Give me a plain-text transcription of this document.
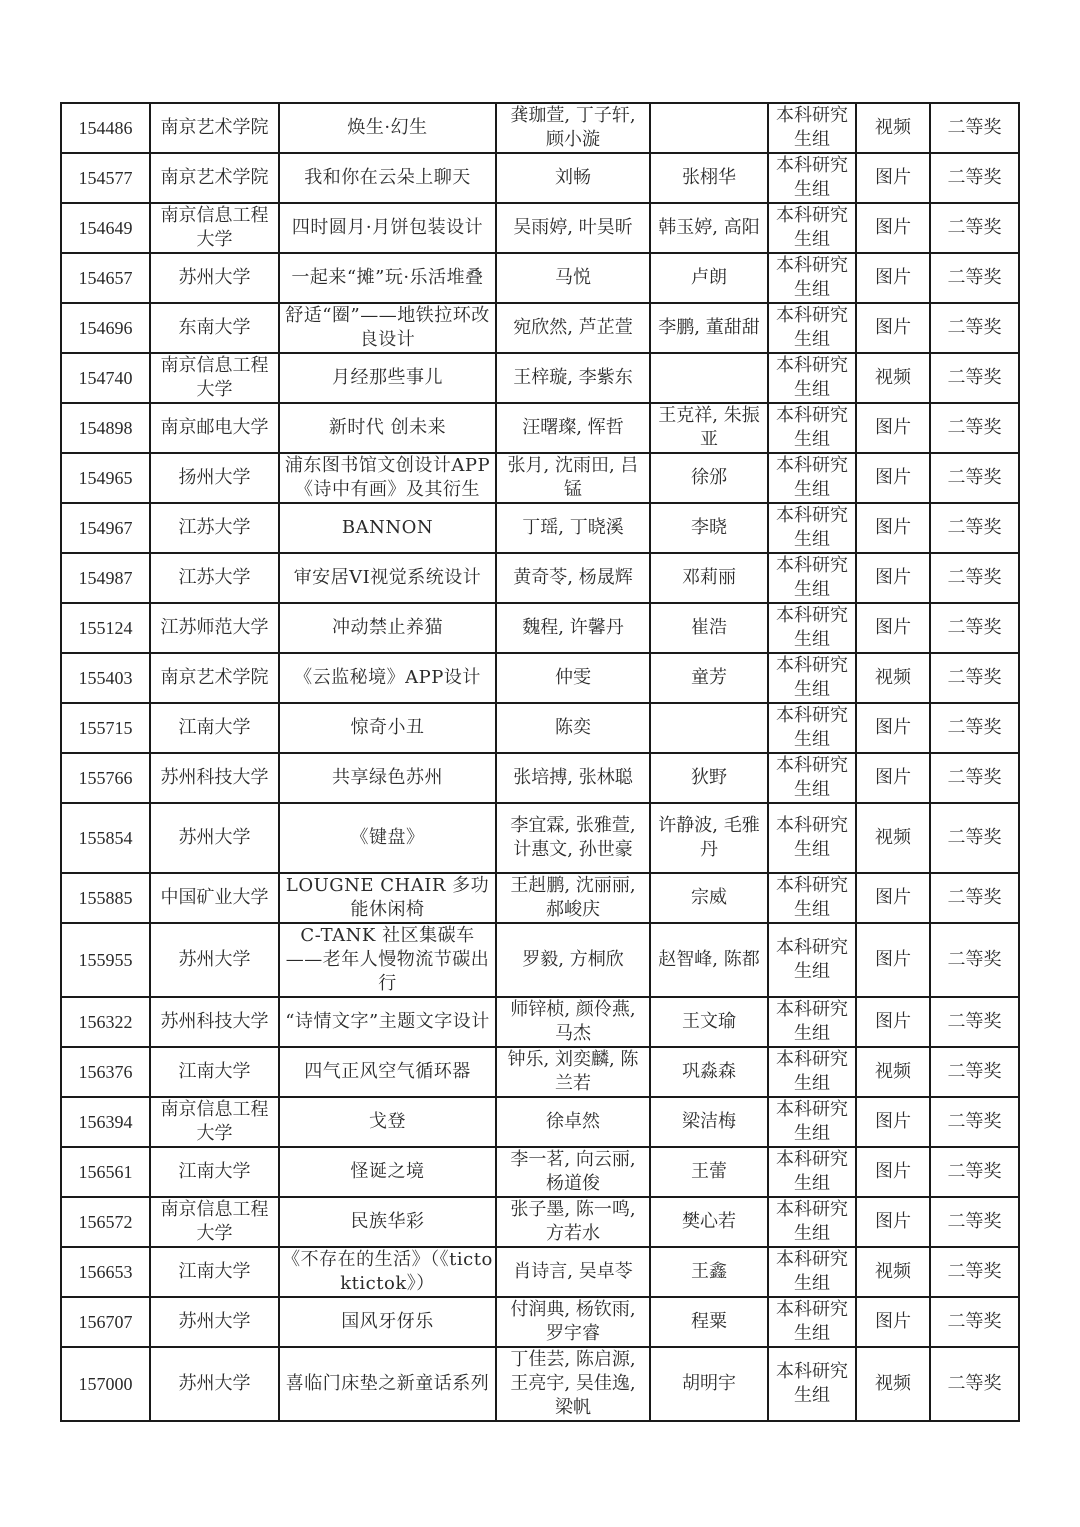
154486	南京艺术学院	焕生·幻生	龚珈萱, 丁子轩, 顾小漩		本科研究生组	视频	二等奖
154577	南京艺术学院	我和你在云朵上聊天	刘畅	张栩华	本科研究生组	图片	二等奖
154649	南京信息工程大学	四时圆月·月饼包装设计	吴雨婷, 叶昊昕	韩玉婷, 高阳	本科研究生组	图片	二等奖
154657	苏州大学	一起来“摊”玩·乐活堆叠	马悦	卢朗	本科研究生组	图片	二等奖
154696	东南大学	舒适“圈”——地铁拉环改良设计	宛欣然, 芦芷萱	李鹏, 董甜甜	本科研究生组	图片	二等奖
154740	南京信息工程大学	月经那些事儿	王梓璇, 李紫东		本科研究生组	视频	二等奖
154898	南京邮电大学	新时代 创未来	汪曙璨, 恽哲	王克祥, 朱振亚	本科研究生组	图片	二等奖
154965	扬州大学	浦东图书馆文创设计APP《诗中有画》及其衍生	张月, 沈雨田, 吕锰	徐邠	本科研究生组	图片	二等奖
154967	江苏大学	BANNON	丁瑶, 丁晓溪	李晓	本科研究生组	图片	二等奖
154987	江苏大学	审安居VI视觉系统设计	黄奇苓, 杨晟辉	邓莉丽	本科研究生组	图片	二等奖
155124	江苏师范大学	冲动禁止养猫	魏程, 许馨丹	崔浩	本科研究生组	图片	二等奖
155403	南京艺术学院	《云监秘境》APP设计	仲雯	童芳	本科研究生组	视频	二等奖
155715	江南大学	惊奇小丑	陈奕		本科研究生组	图片	二等奖
155766	苏州科技大学	共享绿色苏州	张培搏, 张林聪	狄野	本科研究生组	图片	二等奖
155854	苏州大学	《键盘》	李宜霖, 张雅萱, 计惠文, 孙世豪	许静波, 毛雅丹	本科研究生组	视频	二等奖
155885	中国矿业大学	LOUGNE CHAIR 多功能休闲椅	王赳鹏, 沈丽丽, 郝峻庆	宗威	本科研究生组	图片	二等奖
155955	苏州大学	C-TANK 社区集碳车——老年人慢物流节碳出行	罗毅, 方桐欣	赵智峰, 陈都	本科研究生组	图片	二等奖
156322	苏州科技大学	“诗情文字”主题文字设计	师锌桢, 颜伶燕, 马杰	王文瑜	本科研究生组	图片	二等奖
156376	江南大学	四气正风空气循环器	钟乐, 刘奕麟, 陈兰若	巩淼森	本科研究生组	视频	二等奖
156394	南京信息工程大学	戈登	徐卓然	梁洁梅	本科研究生组	图片	二等奖
156561	江南大学	怪诞之境	李一茗, 向云丽, 杨道俊	王蕾	本科研究生组	图片	二等奖
156572	南京信息工程大学	民族华彩	张子墨, 陈一鸣, 方若水	樊心若	本科研究生组	图片	二等奖
156653	江南大学	《不存在的生活》（《tictoktictok》）	肖诗言, 吴卓苓	王鑫	本科研究生组	视频	二等奖
156707	苏州大学	国风牙伢乐	付润典, 杨钦雨, 罗宇睿	程粟	本科研究生组	图片	二等奖
157000	苏州大学	喜临门床垫之新童话系列	丁佳芸, 陈启源, 王亮宇, 吴佳逸, 梁帆	胡明宇	本科研究生组	视频	二等奖
